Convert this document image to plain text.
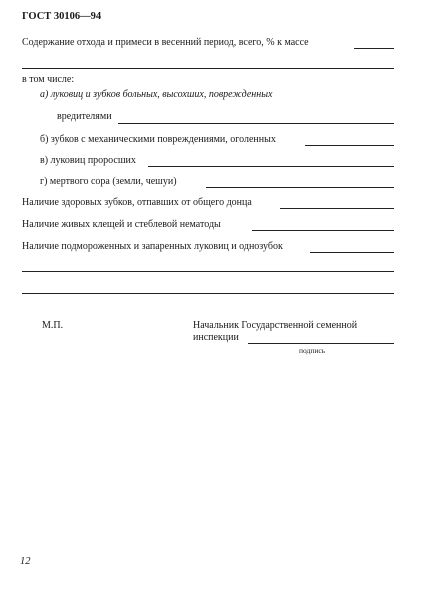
ГОСТ 30106—94
Содержание отхода и примеси в весенний период, всего, % к массе
в том числе:
а) луковиц и зубков больных, высохших, поврежденных
вредителями
б) зубков с механическими повреждениями, оголенных
в) луковиц проросших
г) мертвого сора (земли, чешуи)
Наличие здоровых зубков, отпавших от общего донца
Наличие живых клещей и стеблевой нематоды
Наличие подмороженных и запаренных луковиц и однозубок
М.П.	Начальник Государственной семенной
инспекции
подпись
12
